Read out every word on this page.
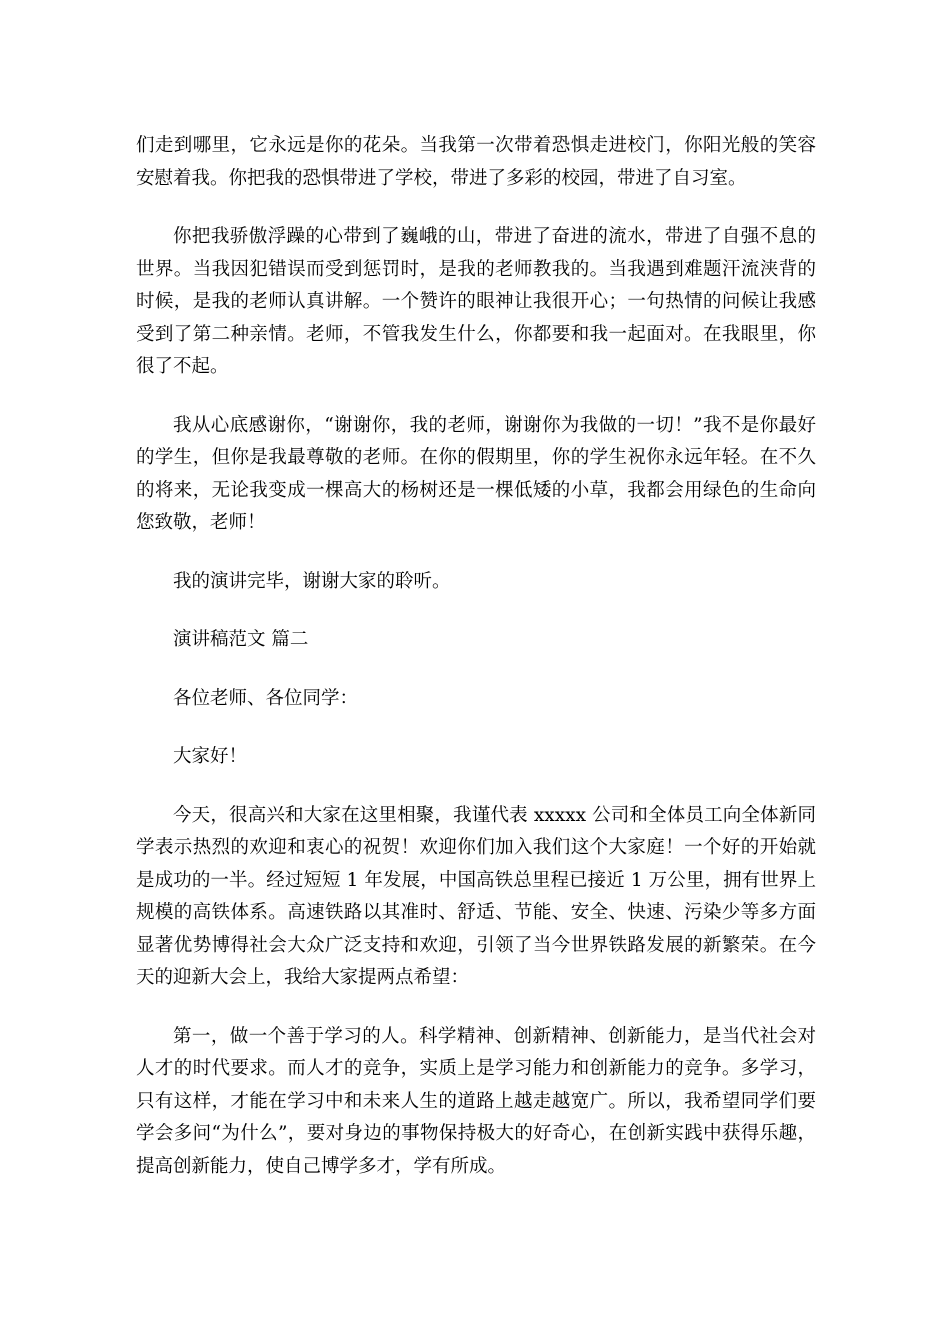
们走到哪里，它永远是你的花朵。当我第一次带着恐惧走进校门，你阳光般的笑容安慰着我。你把我的恐惧带进了学校，带进了多彩的校园，带进了自习室。

你把我骄傲浮躁的心带到了巍峨的山，带进了奋进的流水，带进了自强不息的世界。当我因犯错误而受到惩罚时，是我的老师教我的。当我遇到难题汗流浃背的时候，是我的老师认真讲解。一个赞许的眼神让我很开心；一句热情的问候让我感受到了第二种亲情。老师，不管我发生什么，你都要和我一起面对。在我眼里，你很了不起。

我从心底感谢你，“谢谢你，我的老师，谢谢你为我做的一切！”我不是你最好的学生，但你是我最尊敬的老师。在你的假期里，你的学生祝你永远年轻。在不久的将来，无论我变成一棵高大的杨树还是一棵低矮的小草，我都会用绿色的生命向您致敬，老师！

我的演讲完毕，谢谢大家的聆听。

演讲稿范文 篇二

各位老师、各位同学：

大家好！

今天，很高兴和大家在这里相聚，我谨代表 xxxxx 公司和全体员工向全体新同学表示热烈的欢迎和衷心的祝贺！欢迎你们加入我们这个大家庭！一个好的开始就是成功的一半。经过短短 1 年发展，中国高铁总里程已接近 1 万公里，拥有世界上规模的高铁体系。高速铁路以其准时、舒适、节能、安全、快速、污染少等多方面显著优势博得社会大众广泛支持和欢迎，引领了当今世界铁路发展的新繁荣。在今天的迎新大会上，我给大家提两点希望：

第一，做一个善于学习的人。科学精神、创新精神、创新能力，是当代社会对人才的时代要求。而人才的竞争，实质上是学习能力和创新能力的竞争。多学习，只有这样，才能在学习中和未来人生的道路上越走越宽广。所以，我希望同学们要学会多问“为什么”，要对身边的事物保持极大的好奇心，在创新实践中获得乐趣，提高创新能力，使自己博学多才，学有所成。
